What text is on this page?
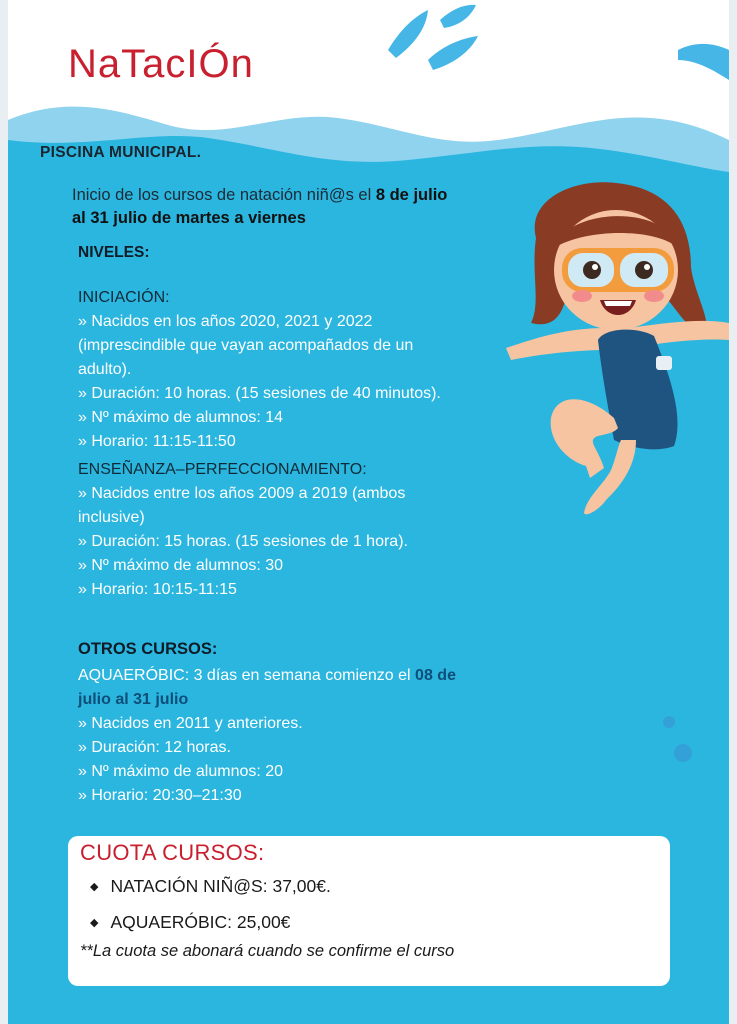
NaTacIÓn
PISCINA MUNICIPAL.
Inicio de los cursos de natación niñ@s el 8 de julio
al 31 julio de martes a viernes
NIVELES:

INICIACIÓN:

» Nacidos en los años 2020, 2021 y 2022

(imprescindible que vayan acompañados de un

adulto).

» Duración: 10 horas. (15 sesiones de 40 minutos).

» Nº máximo de alumnos: 14

» Horario: 11:15-11:50

ENSEÑANZA–PERFECCIONAMIENTO:

» Nacidos entre los años 2009 a 2019 (ambos

inclusive)

» Duración: 15 horas. (15 sesiones de 1 hora).

» Nº máximo de alumnos: 30

» Horario: 10:15-11:15

OTROS CURSOS:

AQUAERÓBIC: 3 días en semana comienzo el 08 de

julio al 31 julio

» Nacidos en 2011 y anteriores.

» Duración: 12 horas.

» Nº máximo de alumnos: 20

» Horario: 20:30–21:30

CUOTA CURSOS:
◆ NATACIÓN NIÑ@S: 37,00€.
◆ AQUAERÓBIC: 25,00€
**La cuota se abonará cuando se confirme el curso
